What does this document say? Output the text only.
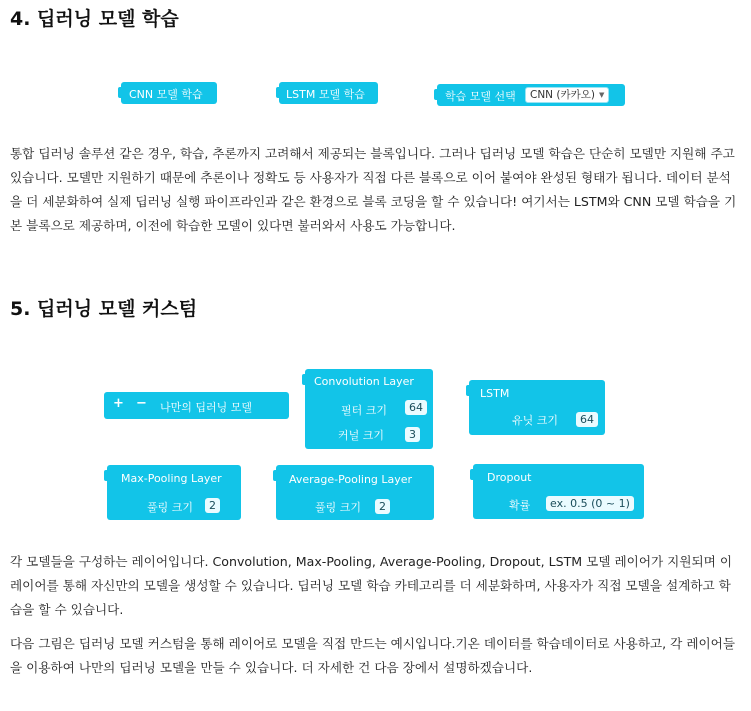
4. 딥러닝 모델 학습
CNN 모델 학습	LSTM 모델 학습	학습 모델 선택	CNN (카카오) ▼

통합 딥러닝 솔루션 같은 경우, 학습, 추론까지 고려해서 제공되는 블록입니다. 그러나 딥러닝 모델 학습은 단순히 모델만 지원해 주고 있습니다. 모델만 지원하기 때문에 추론이나 정확도 등 사용자가 직접 다른 블록으로 이어 붙여야 완성된 형태가 됩니다. 데이터 분석을 더 세분화하여 실제 딥러닝 실행 파이프라인과 같은 환경으로 블록 코딩을 할 수 있습니다! 여기서는 LSTM와 CNN 모델 학습을 기본 블록으로 제공하며, 이전에 학습한 모델이 있다면 불러와서 사용도 가능합니다.

5. 딥러닝 모델 커스텀
+ − 나만의 딥러닝 모델
Convolution Layer
필터 크기	64
커널 크기	3
LSTM
유닛 크기	64
Max-Pooling Layer
풀링 크기	2
Average-Pooling Layer
풀링 크기	2
Dropout
확률	ex. 0.5 (0 ~ 1)

각 모델들을 구성하는 레이어입니다. Convolution, Max-Pooling, Average-Pooling, Dropout, LSTM 모델 레이어가 지원되며 이 레이어를 통해 자신만의 모델을 생성할 수 있습니다. 딥러닝 모델 학습 카테고리를 더 세분화하며, 사용자가 직접 모델을 설계하고 학습을 할 수 있습니다.

다음 그림은 딥러닝 모델 커스텀을 통해 레이어로 모델을 직접 만드는 예시입니다.기온 데이터를 학습데이터로 사용하고, 각 레이어들을 이용하여 나만의 딥러닝 모델을 만들 수 있습니다. 더 자세한 건 다음 장에서 설명하겠습니다.
